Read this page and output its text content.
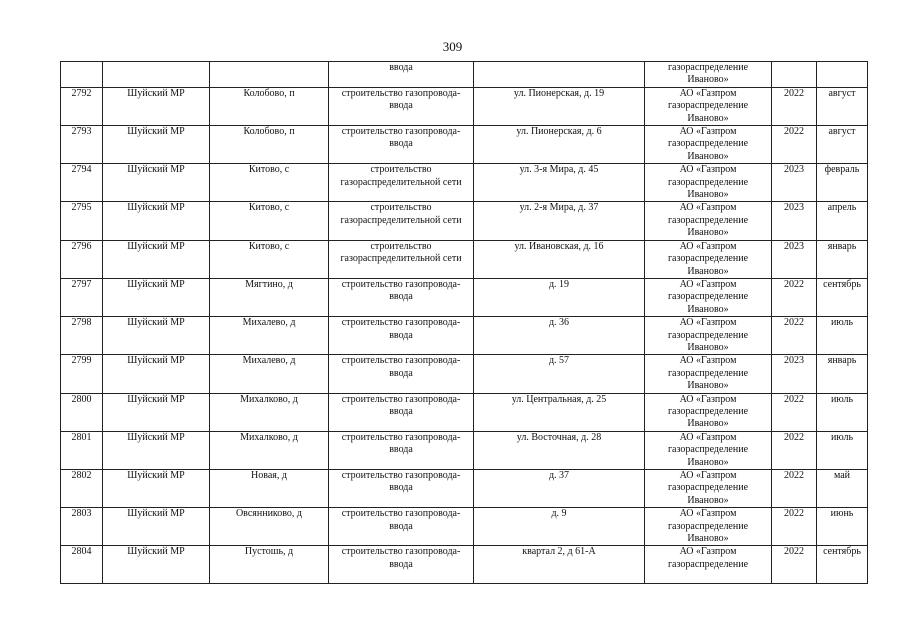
309
			ввода		газораспределение
Иваново»		
2792	Шуйский МР	Колобово, п	строительство газопровода-
ввода	ул. Пионерская, д. 19	АО «Газпром
газораспределение
Иваново»	2022	август
2793	Шуйский МР	Колобово, п	строительство газопровода-
ввода	ул. Пионерская, д. 6	АО «Газпром
газораспределение
Иваново»	2022	август
2794	Шуйский МР	Китово, с	строительство
газораспределительной сети	ул. 3-я Мира, д. 45	АО «Газпром
газораспределение
Иваново»	2023	февраль
2795	Шуйский МР	Китово, с	строительство
газораспределительной сети	ул. 2-я Мира, д. 37	АО «Газпром
газораспределение
Иваново»	2023	апрель
2796	Шуйский МР	Китово, с	строительство
газораспределительной сети	ул. Ивановская, д. 16	АО «Газпром
газораспределение
Иваново»	2023	январь
2797	Шуйский МР	Мягтино, д	строительство газопровода-
ввода	д. 19	АО «Газпром
газораспределение
Иваново»	2022	сентябрь
2798	Шуйский МР	Михалево, д	строительство газопровода-
ввода	д. 36	АО «Газпром
газораспределение
Иваново»	2022	июль
2799	Шуйский МР	Михалево, д	строительство газопровода-
ввода	д. 57	АО «Газпром
газораспределение
Иваново»	2023	январь
2800	Шуйский МР	Михалково, д	строительство газопровода-
ввода	ул. Центральная, д. 25	АО «Газпром
газораспределение
Иваново»	2022	июль
2801	Шуйский МР	Михалково, д	строительство газопровода-
ввода	ул. Восточная, д. 28	АО «Газпром
газораспределение
Иваново»	2022	июль
2802	Шуйский МР	Новая, д	строительство газопровода-
ввода	д. 37	АО «Газпром
газораспределение
Иваново»	2022	май
2803	Шуйский МР	Овсянниково, д	строительство газопровода-
ввода	д. 9	АО «Газпром
газораспределение
Иваново»	2022	июнь
2804	Шуйский МР	Пустошь, д	строительство газопровода-
ввода	квартал 2, д 61-А	АО «Газпром
газораспределение	2022	сентябрь
